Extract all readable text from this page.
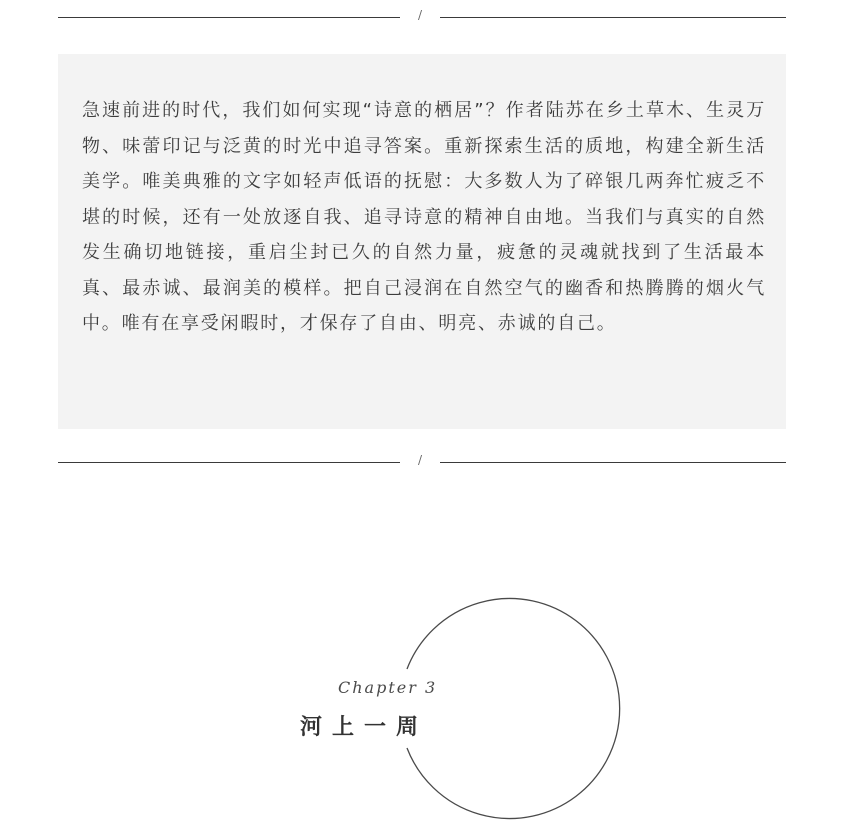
/

急速前进的时代，我们如何实现“诗意的栖居”？作者陆苏在乡土草木、生灵万物、味蕾印记与泛黄的时光中追寻答案。重新探索生活的质地，构建全新生活美学。唯美典雅的文字如轻声低语的抚慰：大多数人为了碎银几两奔忙疲乏不堪的时候，还有一处放逐自我、追寻诗意的精神自由地。当我们与真实的自然发生确切地链接，重启尘封已久的自然力量，疲惫的灵魂就找到了生活最本真、最赤诚、最润美的模样。把自己浸润在自然空气的幽香和热腾腾的烟火气中。唯有在享受闲暇时，才保存了自由、明亮、赤诚的自己。

/
Chapter 3
河上一周
